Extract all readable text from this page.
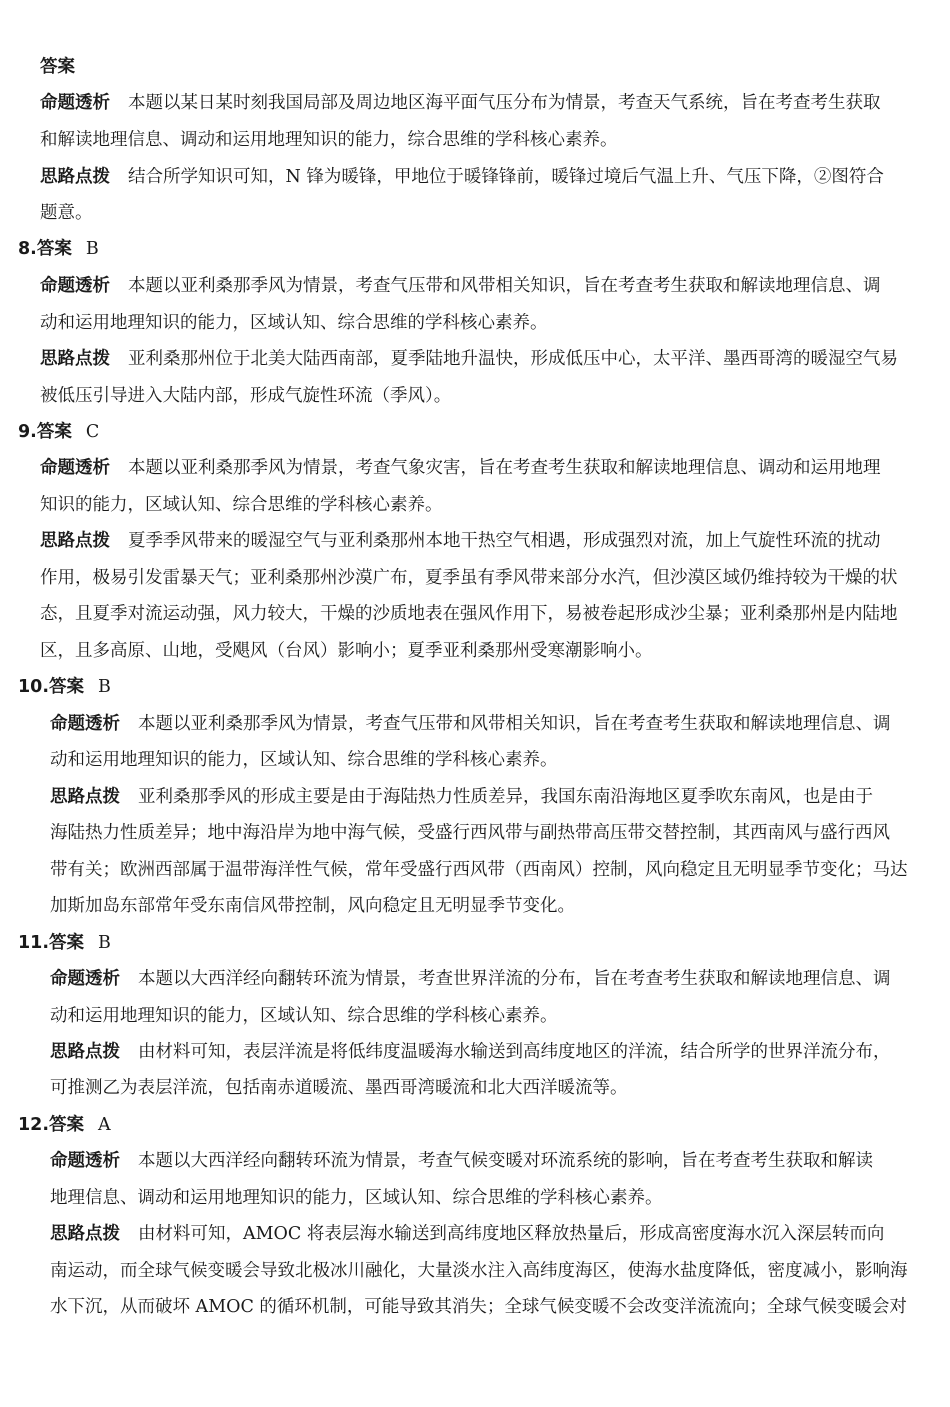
答案
命题透析 本题以某日某时刻我国局部及周边地区海平面气压分布为情景，考查天气系统，旨在考查考生获取
和解读地理信息、调动和运用地理知识的能力，综合思维的学科核心素养。
思路点拨 结合所学知识可知，N 锋为暖锋，甲地位于暖锋锋前，暖锋过境后气温上升、气压下降，②图符合
题意。
8.答案 B
命题透析 本题以亚利桑那季风为情景，考查气压带和风带相关知识，旨在考查考生获取和解读地理信息、调
动和运用地理知识的能力，区域认知、综合思维的学科核心素养。
思路点拨 亚利桑那州位于北美大陆西南部，夏季陆地升温快，形成低压中心，太平洋、墨西哥湾的暖湿空气易
被低压引导进入大陆内部，形成气旋性环流（季风）。
9.答案 C
命题透析 本题以亚利桑那季风为情景，考查气象灾害，旨在考查考生获取和解读地理信息、调动和运用地理
知识的能力，区域认知、综合思维的学科核心素养。
思路点拨 夏季季风带来的暖湿空气与亚利桑那州本地干热空气相遇，形成强烈对流，加上气旋性环流的扰动
作用，极易引发雷暴天气；亚利桑那州沙漠广布，夏季虽有季风带来部分水汽，但沙漠区域仍维持较为干燥的状
态，且夏季对流运动强，风力较大，干燥的沙质地表在强风作用下，易被卷起形成沙尘暴；亚利桑那州是内陆地
区，且多高原、山地，受飓风（台风）影响小；夏季亚利桑那州受寒潮影响小。
10.答案 B
命题透析 本题以亚利桑那季风为情景，考查气压带和风带相关知识，旨在考查考生获取和解读地理信息、调
动和运用地理知识的能力，区域认知、综合思维的学科核心素养。
思路点拨 亚利桑那季风的形成主要是由于海陆热力性质差异，我国东南沿海地区夏季吹东南风，也是由于
海陆热力性质差异；地中海沿岸为地中海气候，受盛行西风带与副热带高压带交替控制，其西南风与盛行西风
带有关；欧洲西部属于温带海洋性气候，常年受盛行西风带（西南风）控制，风向稳定且无明显季节变化；马达
加斯加岛东部常年受东南信风带控制，风向稳定且无明显季节变化。
11.答案 B
命题透析 本题以大西洋经向翻转环流为情景，考查世界洋流的分布，旨在考查考生获取和解读地理信息、调
动和运用地理知识的能力，区域认知、综合思维的学科核心素养。
思路点拨 由材料可知，表层洋流是将低纬度温暖海水输送到高纬度地区的洋流，结合所学的世界洋流分布，
可推测乙为表层洋流，包括南赤道暖流、墨西哥湾暖流和北大西洋暖流等。
12.答案 A
命题透析 本题以大西洋经向翻转环流为情景，考查气候变暖对环流系统的影响，旨在考查考生获取和解读
地理信息、调动和运用地理知识的能力，区域认知、综合思维的学科核心素养。
思路点拨 由材料可知，AMOC 将表层海水输送到高纬度地区释放热量后，形成高密度海水沉入深层转而向
南运动，而全球气候变暖会导致北极冰川融化，大量淡水注入高纬度海区，使海水盐度降低，密度减小，影响海
水下沉，从而破坏 AMOC 的循环机制，可能导致其消失；全球气候变暖不会改变洋流流向；全球气候变暖会对
